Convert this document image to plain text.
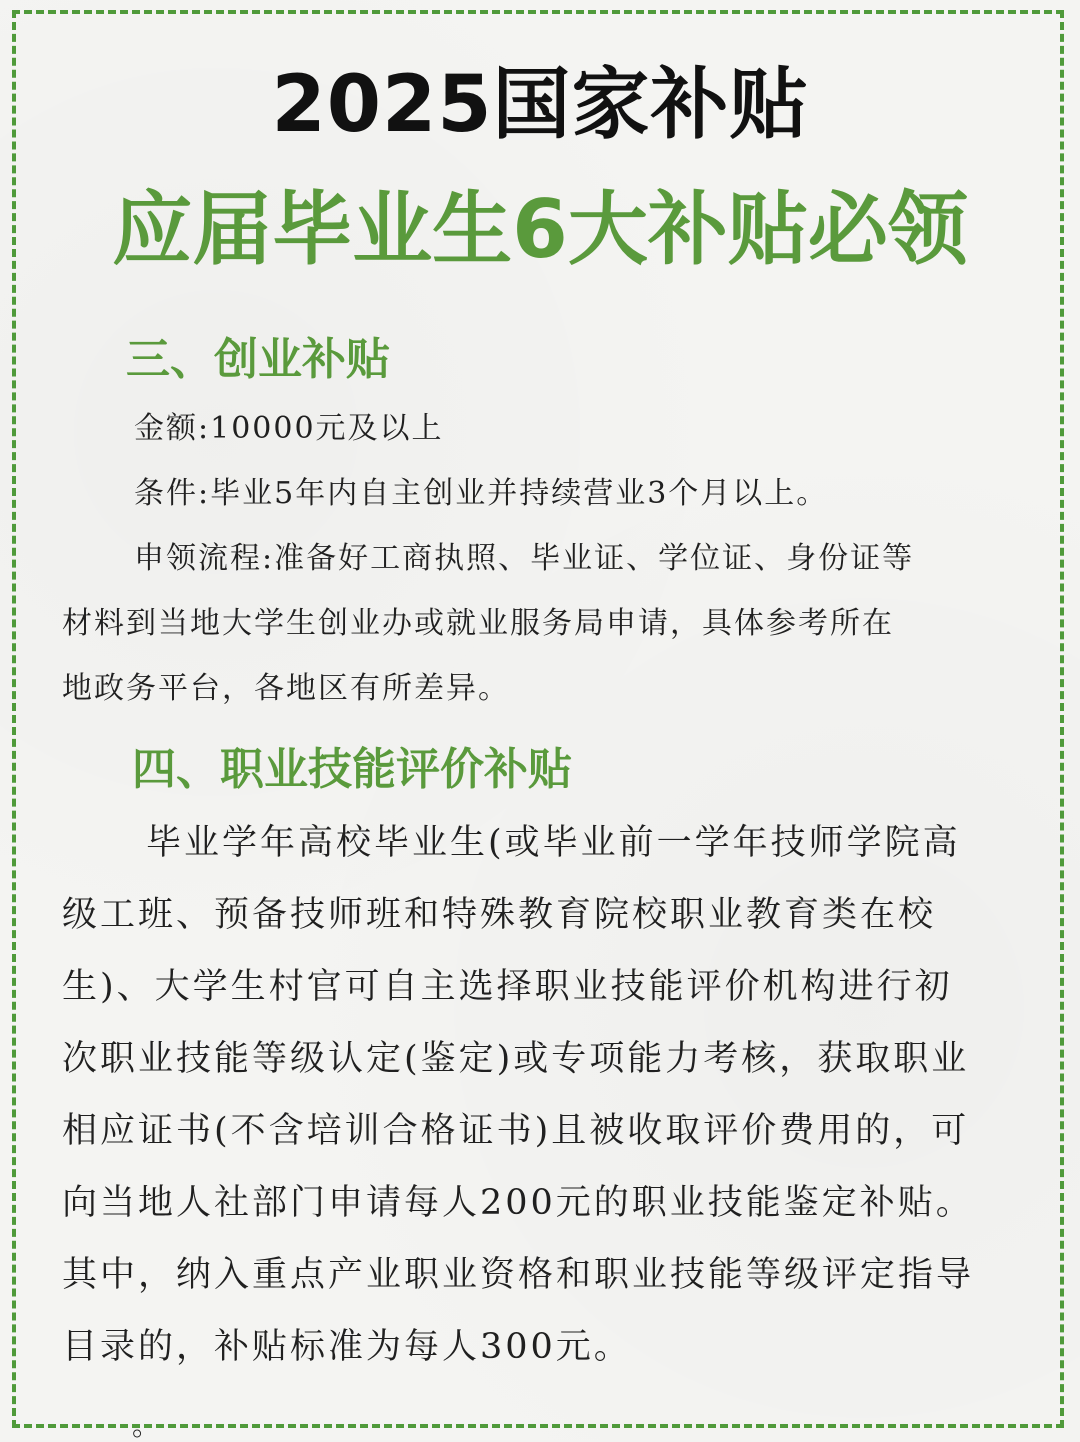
2025国家补贴
应届毕业生6大补贴必领
三、创业补贴
金额:10000元及以上
条件:毕业5年内自主创业并持续营业3个月以上。
申领流程:准备好工商执照、毕业证、学位证、身份证等
材料到当地大学生创业办或就业服务局申请，具体参考所在
地政务平台，各地区有所差异。
四、职业技能评价补贴
毕业学年高校毕业生(或毕业前一学年技师学院高
级工班、预备技师班和特殊教育院校职业教育类在校
生)、大学生村官可自主选择职业技能评价机构进行初
次职业技能等级认定(鉴定)或专项能力考核，获取职业
相应证书(不含培训合格证书)且被收取评价费用的，可
向当地人社部门申请每人200元的职业技能鉴定补贴。
其中，纳入重点产业职业资格和职业技能等级评定指导
目录的，补贴标准为每人300元。
。
